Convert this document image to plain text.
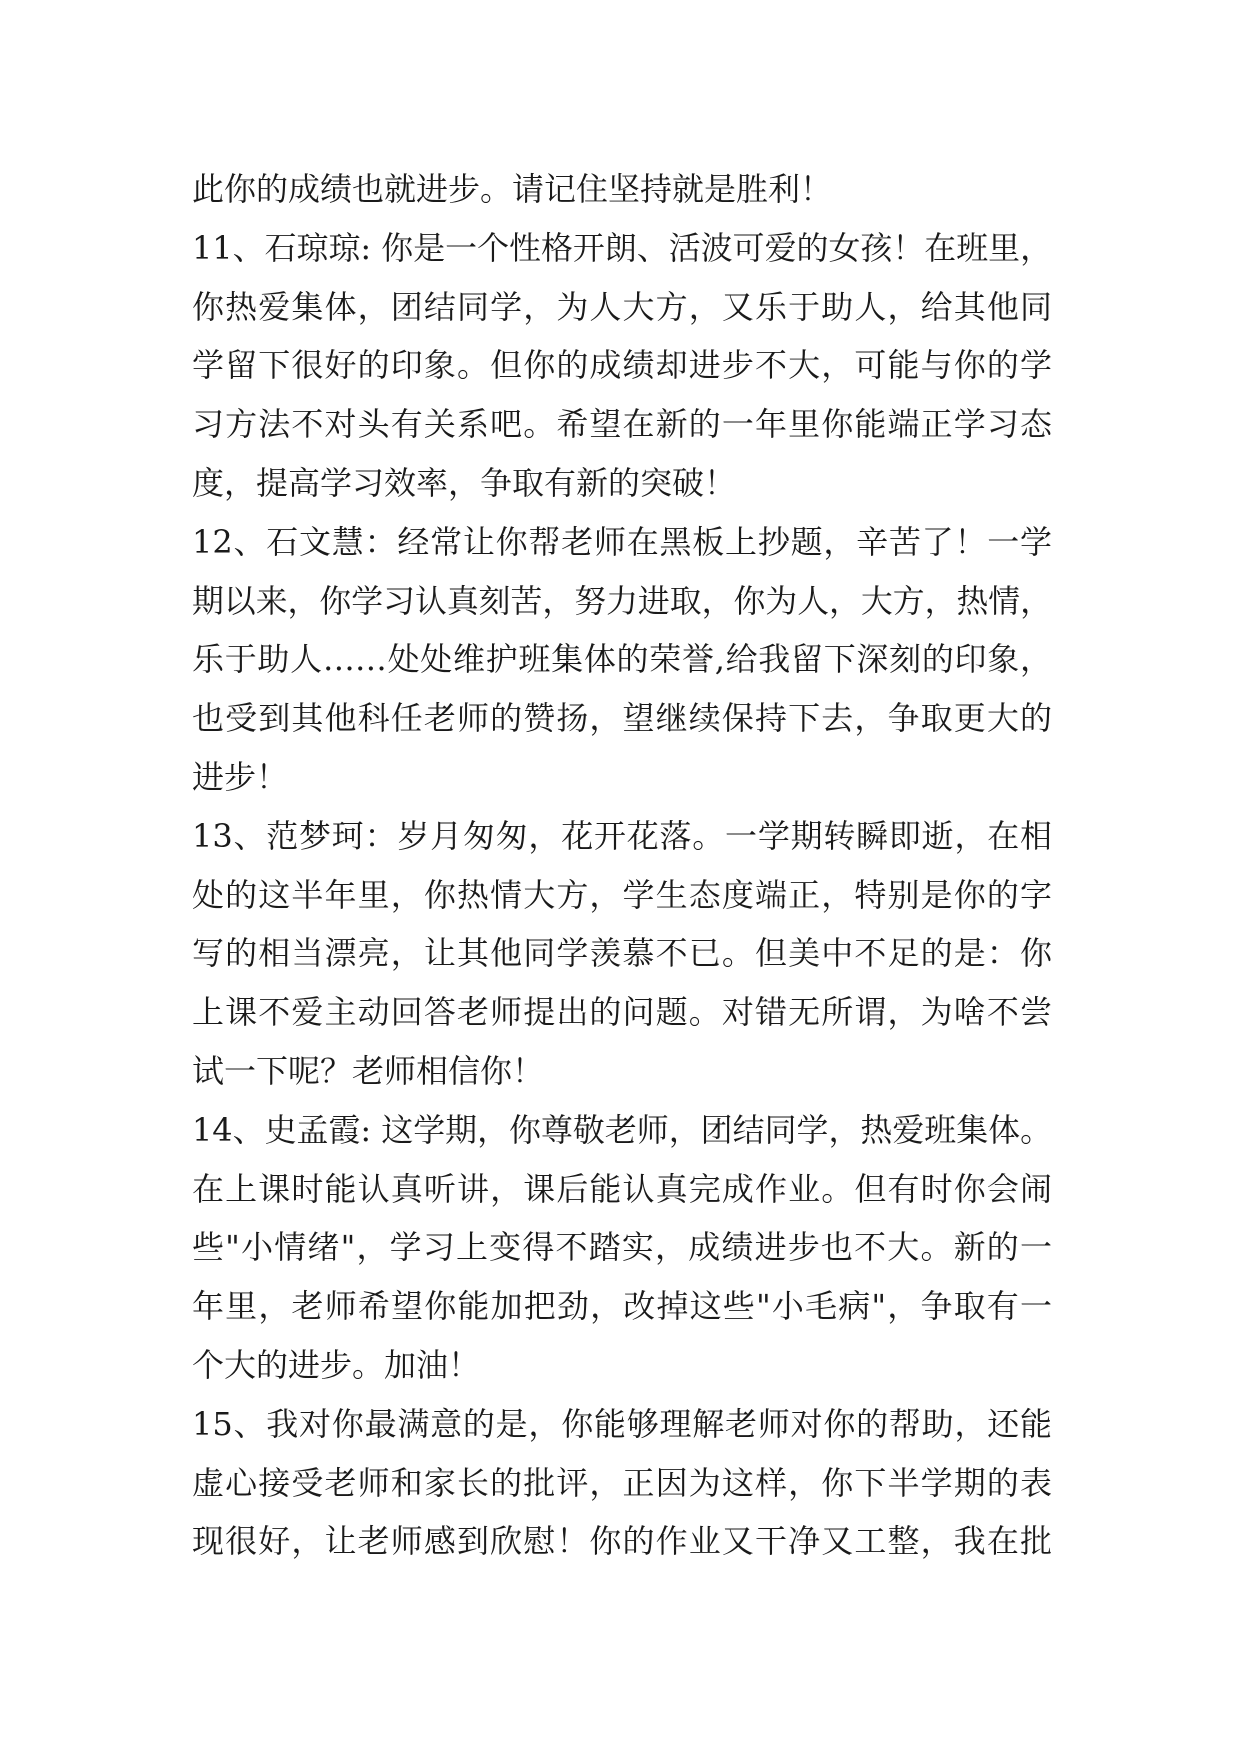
此你的成绩也就进步。请记住坚持就是胜利！
11、石琼琼: 你是一个性格开朗、活波可爱的女孩！在班里，
你热爱集体，团结同学，为人大方，又乐于助人，给其他同
学留下很好的印象。但你的成绩却进步不大，可能与你的学
习方法不对头有关系吧。希望在新的一年里你能端正学习态
度，提高学习效率，争取有新的突破！
12、石文慧：经常让你帮老师在黑板上抄题，辛苦了！一学
期以来，你学习认真刻苦，努力进取，你为人，大方，热情，
乐于助人……处处维护班集体的荣誉,给我留下深刻的印象，
也受到其他科任老师的赞扬，望继续保持下去，争取更大的
进步！
13、范梦珂：岁月匆匆，花开花落。一学期转瞬即逝，在相
处的这半年里，你热情大方，学生态度端正，特别是你的字
写的相当漂亮，让其他同学羡慕不已。但美中不足的是：你
上课不爱主动回答老师提出的问题。对错无所谓，为啥不尝
试一下呢？老师相信你！
14、史孟霞: 这学期，你尊敬老师，团结同学，热爱班集体。
在上课时能认真听讲，课后能认真完成作业。但有时你会闹
些"小情绪"，学习上变得不踏实，成绩进步也不大。新的一
年里，老师希望你能加把劲，改掉这些"小毛病"，争取有一
个大的进步。加油！
15、我对你最满意的是，你能够理解老师对你的帮助，还能
虚心接受老师和家长的批评，正因为这样，你下半学期的表
现很好，让老师感到欣慰！你的作业又干净又工整，我在批
